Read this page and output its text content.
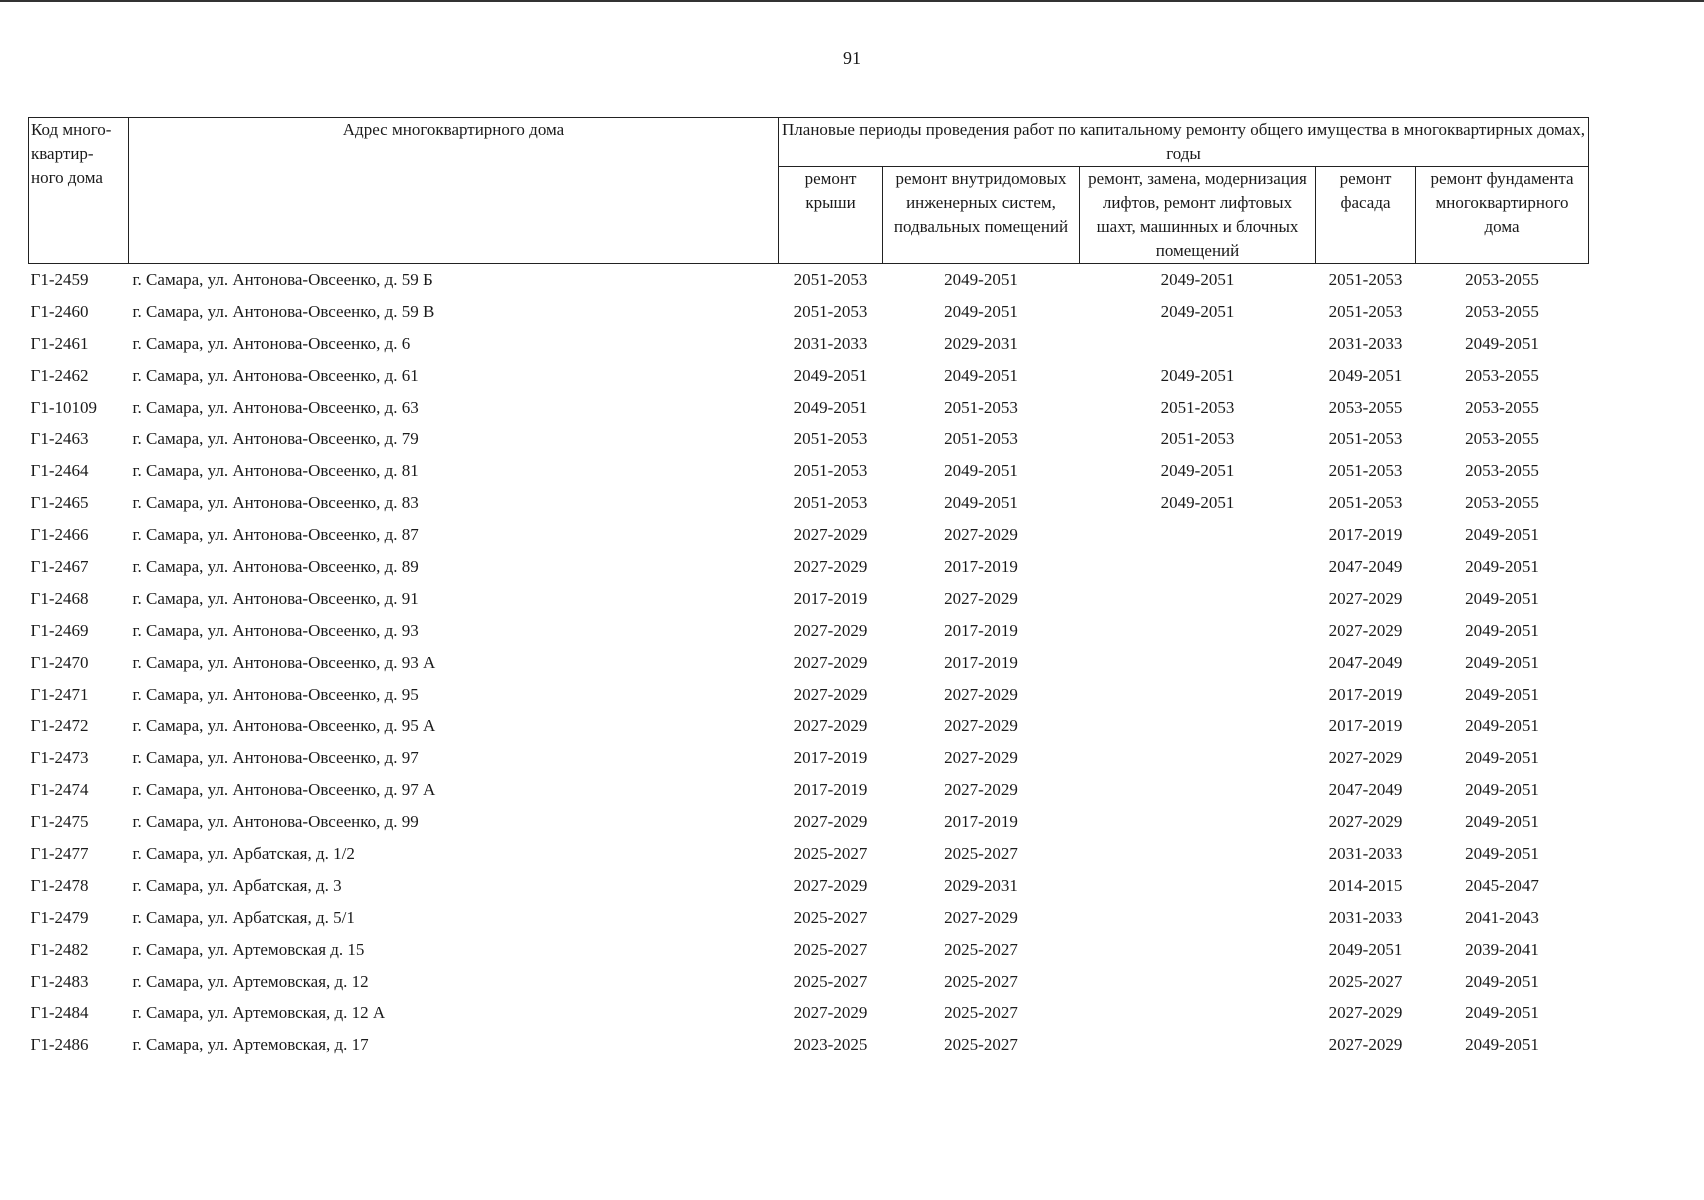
91
Код много-квартир-ного дома	Адрес многоквартирного дома	Плановые периоды проведения работ по капитальному ремонту общего имущества в многоквартирных домах, годы				
		ремонт крыши	ремонт внутридомовых инженерных систем, подвальных помещений	ремонт, замена, модернизация лифтов, ремонт лифтовых шахт, машинных и блочных помещений	ремонт фасада	ремонт фундамента многоквартирного дома
Г1-2459	г. Самара, ул. Антонова-Овсеенко, д. 59 Б	2051-2053	2049-2051	2049-2051	2051-2053	2053-2055
Г1-2460	г. Самара, ул. Антонова-Овсеенко, д. 59 В	2051-2053	2049-2051	2049-2051	2051-2053	2053-2055
Г1-2461	г. Самара, ул. Антонова-Овсеенко, д. 6	2031-2033	2029-2031		2031-2033	2049-2051
Г1-2462	г. Самара, ул. Антонова-Овсеенко, д. 61	2049-2051	2049-2051	2049-2051	2049-2051	2053-2055
Г1-10109	г. Самара, ул. Антонова-Овсеенко, д. 63	2049-2051	2051-2053	2051-2053	2053-2055	2053-2055
Г1-2463	г. Самара, ул. Антонова-Овсеенко, д. 79	2051-2053	2051-2053	2051-2053	2051-2053	2053-2055
Г1-2464	г. Самара, ул. Антонова-Овсеенко, д. 81	2051-2053	2049-2051	2049-2051	2051-2053	2053-2055
Г1-2465	г. Самара, ул. Антонова-Овсеенко, д. 83	2051-2053	2049-2051	2049-2051	2051-2053	2053-2055
Г1-2466	г. Самара, ул. Антонова-Овсеенко, д. 87	2027-2029	2027-2029		2017-2019	2049-2051
Г1-2467	г. Самара, ул. Антонова-Овсеенко, д. 89	2027-2029	2017-2019		2047-2049	2049-2051
Г1-2468	г. Самара, ул. Антонова-Овсеенко, д. 91	2017-2019	2027-2029		2027-2029	2049-2051
Г1-2469	г. Самара, ул. Антонова-Овсеенко, д. 93	2027-2029	2017-2019		2027-2029	2049-2051
Г1-2470	г. Самара, ул. Антонова-Овсеенко, д. 93 А	2027-2029	2017-2019		2047-2049	2049-2051
Г1-2471	г. Самара, ул. Антонова-Овсеенко, д. 95	2027-2029	2027-2029		2017-2019	2049-2051
Г1-2472	г. Самара, ул. Антонова-Овсеенко, д. 95 А	2027-2029	2027-2029		2017-2019	2049-2051
Г1-2473	г. Самара, ул. Антонова-Овсеенко, д. 97	2017-2019	2027-2029		2027-2029	2049-2051
Г1-2474	г. Самара, ул. Антонова-Овсеенко, д. 97 А	2017-2019	2027-2029		2047-2049	2049-2051
Г1-2475	г. Самара, ул. Антонова-Овсеенко, д. 99	2027-2029	2017-2019		2027-2029	2049-2051
Г1-2477	г. Самара, ул. Арбатская, д. 1/2	2025-2027	2025-2027		2031-2033	2049-2051
Г1-2478	г. Самара, ул. Арбатская, д. 3	2027-2029	2029-2031		2014-2015	2045-2047
Г1-2479	г. Самара, ул. Арбатская, д. 5/1	2025-2027	2027-2029		2031-2033	2041-2043
Г1-2482	г. Самара, ул. Артемовская д. 15	2025-2027	2025-2027		2049-2051	2039-2041
Г1-2483	г. Самара, ул. Артемовская, д. 12	2025-2027	2025-2027		2025-2027	2049-2051
Г1-2484	г. Самара, ул. Артемовская, д. 12 А	2027-2029	2025-2027		2027-2029	2049-2051
Г1-2486	г. Самара, ул. Артемовская, д. 17	2023-2025	2025-2027		2027-2029	2049-2051
